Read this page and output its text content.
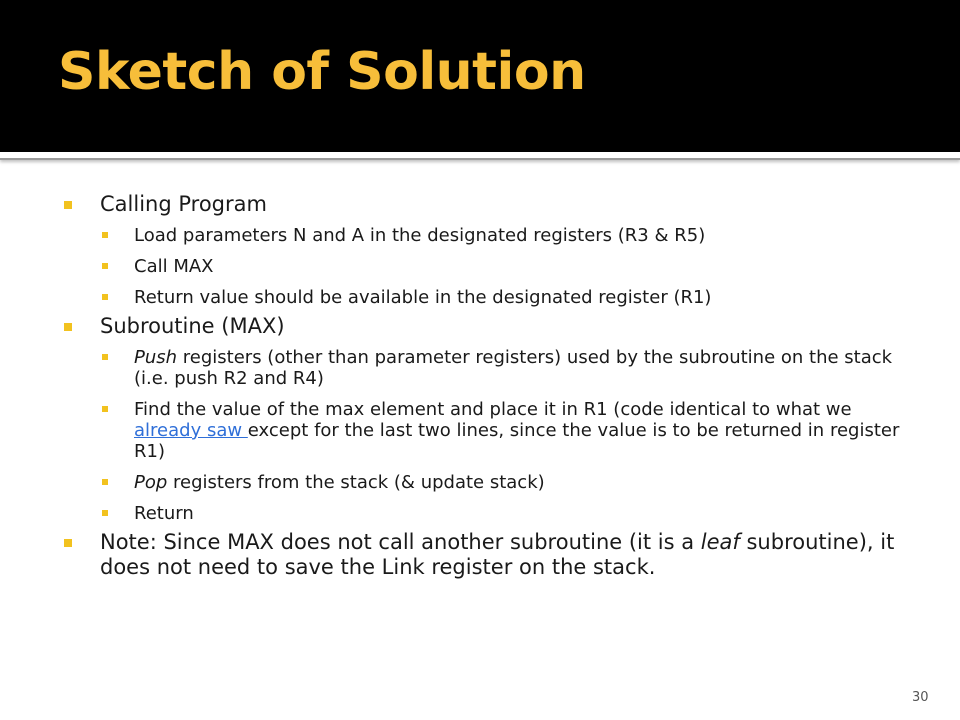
Sketch of Solution
Calling Program
Load parameters N and A in the designated registers (R3 & R5)
Call MAX
Return value should be available in the designated register (R1)
Subroutine (MAX)
Push registers (other than parameter registers) used by the subroutine on the stack (i.e. push R2 and R4)
Find the value of the max element and place it in R1 (code identical to what we already saw except for the last two lines, since the value is to be returned in register R1)
Pop registers from the stack (& update stack)
Return
Note: Since MAX does not call another subroutine (it is a leaf subroutine), it does not need to save the Link register on the stack.
30
